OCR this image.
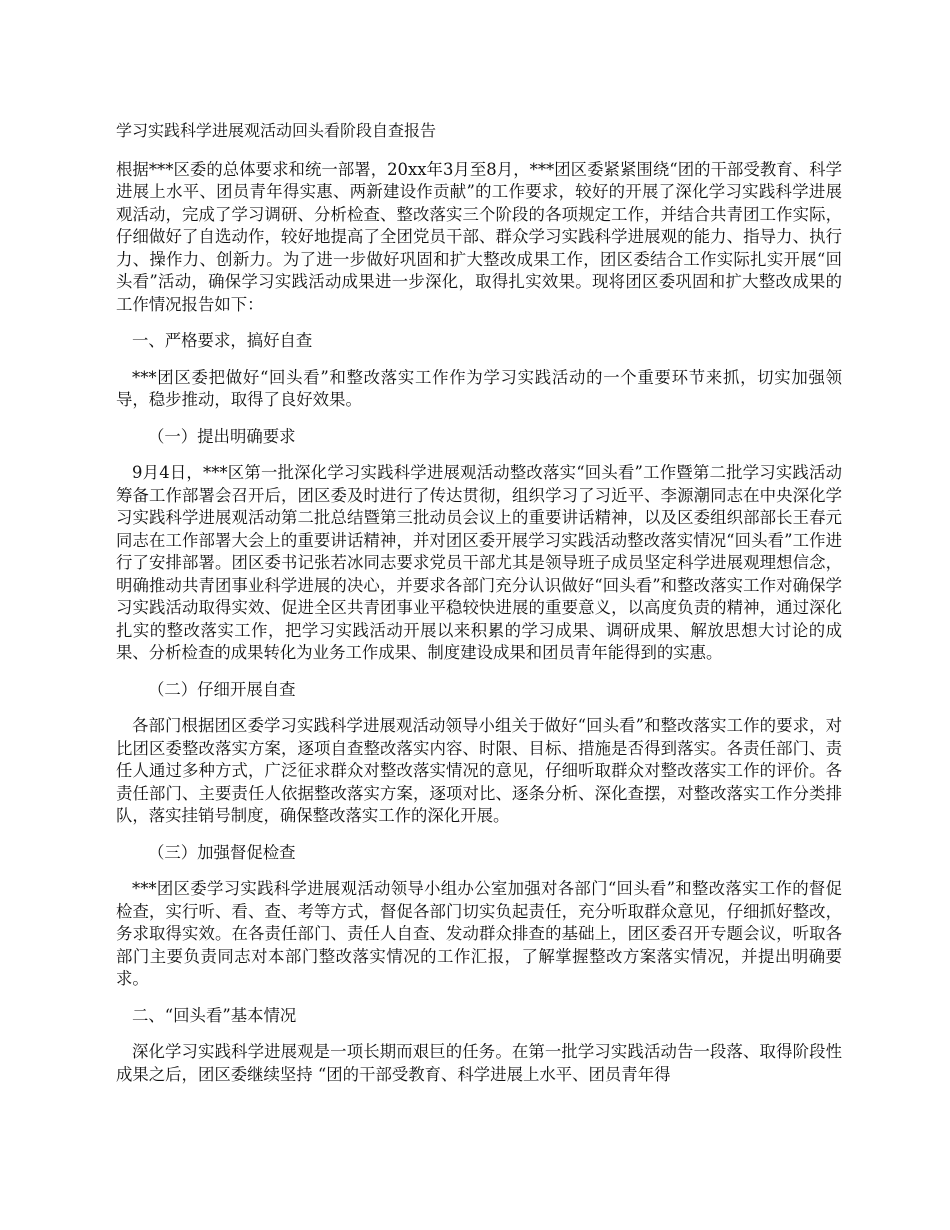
学习实践科学进展观活动回头看阶段自查报告

根据***区委的总体要求和统一部署，20xx年3月至8月，***团区委紧紧围绕“团的干部受教育、科学进展上水平、团员青年得实惠、两新建设作贡献”的工作要求，较好的开展了深化学习实践科学进展观活动，完成了学习调研、分析检查、整改落实三个阶段的各项规定工作，并结合共青团工作实际，仔细做好了自选动作，较好地提高了全团党员干部、群众学习实践科学进展观的能力、指导力、执行力、操作力、创新力。为了进一步做好巩固和扩大整改成果工作，团区委结合工作实际扎实开展“回头看”活动，确保学习实践活动成果进一步深化，取得扎实效果。现将团区委巩固和扩大整改成果的工作情况报告如下：

一、严格要求，搞好自查

***团区委把做好“回头看”和整改落实工作作为学习实践活动的一个重要环节来抓，切实加强领导，稳步推动，取得了良好效果。

（一）提出明确要求

9月4日，***区第一批深化学习实践科学进展观活动整改落实“回头看”工作暨第二批学习实践活动筹备工作部署会召开后，团区委及时进行了传达贯彻，组织学习了习近平、李源潮同志在中央深化学习实践科学进展观活动第二批总结暨第三批动员会议上的重要讲话精神，以及区委组织部部长王春元同志在工作部署大会上的重要讲话精神，并对团区委开展学习实践活动整改落实情况“回头看”工作进行了安排部署。团区委书记张若冰同志要求党员干部尤其是领导班子成员坚定科学进展观理想信念，明确推动共青团事业科学进展的决心，并要求各部门充分认识做好“回头看”和整改落实工作对确保学习实践活动取得实效、促进全区共青团事业平稳较快进展的重要意义，以高度负责的精神，通过深化扎实的整改落实工作，把学习实践活动开展以来积累的学习成果、调研成果、解放思想大讨论的成果、分析检查的成果转化为业务工作成果、制度建设成果和团员青年能得到的实惠。

（二）仔细开展自查

各部门根据团区委学习实践科学进展观活动领导小组关于做好“回头看”和整改落实工作的要求，对比团区委整改落实方案，逐项自查整改落实内容、时限、目标、措施是否得到落实。各责任部门、责任人通过多种方式，广泛征求群众对整改落实情况的意见，仔细听取群众对整改落实工作的评价。各责任部门、主要责任人依据整改落实方案，逐项对比、逐条分析、深化查摆，对整改落实工作分类排队，落实挂销号制度，确保整改落实工作的深化开展。

（三）加强督促检查

***团区委学习实践科学进展观活动领导小组办公室加强对各部门“回头看”和整改落实工作的督促检查，实行听、看、查、考等方式，督促各部门切实负起责任，充分听取群众意见，仔细抓好整改，务求取得实效。在各责任部门、责任人自查、发动群众排查的基础上，团区委召开专题会议，听取各部门主要负责同志对本部门整改落实情况的工作汇报，了解掌握整改方案落实情况，并提出明确要求。

二、“回头看”基本情况

深化学习实践科学进展观是一项长期而艰巨的任务。在第一批学习实践活动告一段落、取得阶段性成果之后，团区委继续坚持 “团的干部受教育、科学进展上水平、团员青年得
